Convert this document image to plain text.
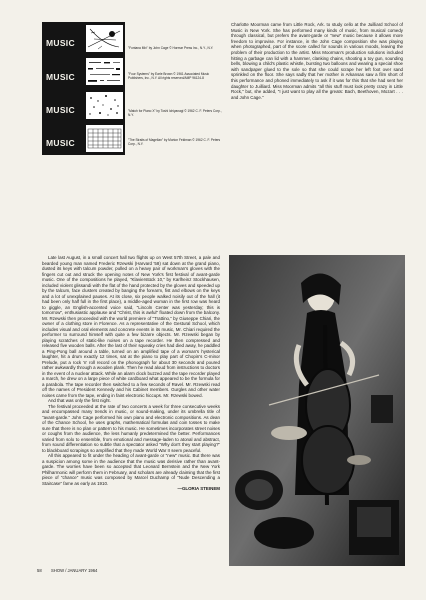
MUSIC
MUSIC
MUSIC
MUSIC
"Fontana Mix" by John Cage © Hormar Press Inc., N.Y., N.Y.
"Four Systems" by Earle Brown © 1961 Associated Music Publishers, Inc., N.Y. All rights reserved/AMP 96124-8
"Match for Piano X" by Toshi Ichiyanagi © 1962 C. F. Peters Corp., N.Y.
"The Straits of Magellan" by Morton Feldman © 1962 C. F. Peters Corp., N.Y.
Charlotte Moorman came from Little Rock, Ark. to study cello at the Juilliard School of Music in New York. She has performed many kinds of music, from musical comedy through classical, but prefers the avant-garde or "new" music because it allows more freedom to improvise. For instance, in the John Cage composition she was playing when photographed, part of the score called for sounds in various moods, leaving the problem of their production to the artist. Miss Moorman's production solutions included hitting a garbage can lid with a hammer, clanking chains, shooting a toy gun, sounding bells, blowing a child's plastic whistle, bursting two balloons and wearing a special shoe with sandpaper glued to the sole so that she could scrape her left foot over sand sprinkled on the floor. She says sadly that her mother in Arkansas saw a film short of this performance and phoned immediately to ask if it was for this that she had sent her daughter to Juilliard. Miss Moorman admits "all this stuff must look pretty crazy in Little Rock," but, she added, "I just want to play all the greats: Bach, Beethoven, Mozart . . . and John Cage."

Late last August, in a small concert hall two flights up on West 57th Street, a pale and bearded young man named Frederic Rzewski (Harvard '58) sat down at the grand piano, dusted its keys with talcum powder, pulled on a heavy pair of workman's gloves with the fingers cut out and struck the opening notes of New York's first festival of avant-garde music. One of the compositions he played, "Klavierstück 10," by Karlheinz Stockhausen, included violent glissandi with the flat of the hand protected by the gloves and speeded up by the talcum, face clusters created by banging the forearm, fist and elbows on the keys and a lot of unexplained pauses. At its close, six people walked noisily out of the hall (it had been only half full in the first place), a middle-aged woman in the first row was heard to giggle, an English-accented voice said, "Lincoln Center was yesterday; this is tomorrow", enthusiastic applause and "Christ, this is awful" floated down from the balcony. Mr. Rzewski then proceeded with the world premiere of "Trattino," by Giuseppe Chiari, the owner of a clothing store in Florence. As a representative of the Gestural School, which includes visual and oral elements and concrete events in its music, Mr. Chiari required the performer to surround himself with quite a few bizarre objects. Mr. Rzewski began by playing scratches of static-like noises on a tape recorder. He then compressed and released five wooden balls. After the last of their squeaky cries had died away, he paddled a Ping-Pong ball around a table, turned on an amplified tape of a woman's hysterical laughter, hit a drum exactly 12 times, sat at the piano to play part of Chopin's C-minor Prelude, put a rock 'n' roll record on the phonograph for about 30 seconds and poured rather awkwardly through a wooden plank. Then he read aloud from instructions to doctors in the event of a nuclear attack. While an alarm clock buzzed and the tape recorder played a march, he drew on a large piece of white cardboard what appeared to be the formula for a parabola. The tape recorder then switched to a few seconds of Ravel. Mr. Rzewski read off the names of President Kennedy and his Cabinet members. Gurgles and other water noises came from the tape, ending in faint electronic hiccups. Mr. Rzewski bowed.

And that was only the first night.

The festival proceeded at the rate of two concerts a week for three consecutive weeks and encompassed many trends in music, or sound-making, under its umbrella title of "avant-garde." John Cage performed his own piano and electronic compositions. As dean of the Chance School, he uses graphs, mathematical formulas and coin tosses to make sure that there is no plan or pattern to his music. He sometimes incorporates street noises or coughs from the audience, the less humanly predetermined the better. Performances varied from solo to ensemble, from emotional and message-laden to atonal and abstract, from sound differentiation so subtle that a spectator asked "Why don't they start playing?" to blackboard scrapings so amplified that they made World War II seem peaceful.

All this appeared to fit under the heading of avant-garde or "new" music. But there was a suspicion among some in the audience that the music was derisive rather than avant-garde. The worries have been so accepted that Leonard Bernstein and the New York Philharmonic will perform them in February, and scholars are already claiming that the first piece of "chance" music was composed by Marcel Duchamp of "Nude Descending a Staircase" fame as early as 1910.

—GLORIA STEINEM

58	SHOW / JANUARY 1964
